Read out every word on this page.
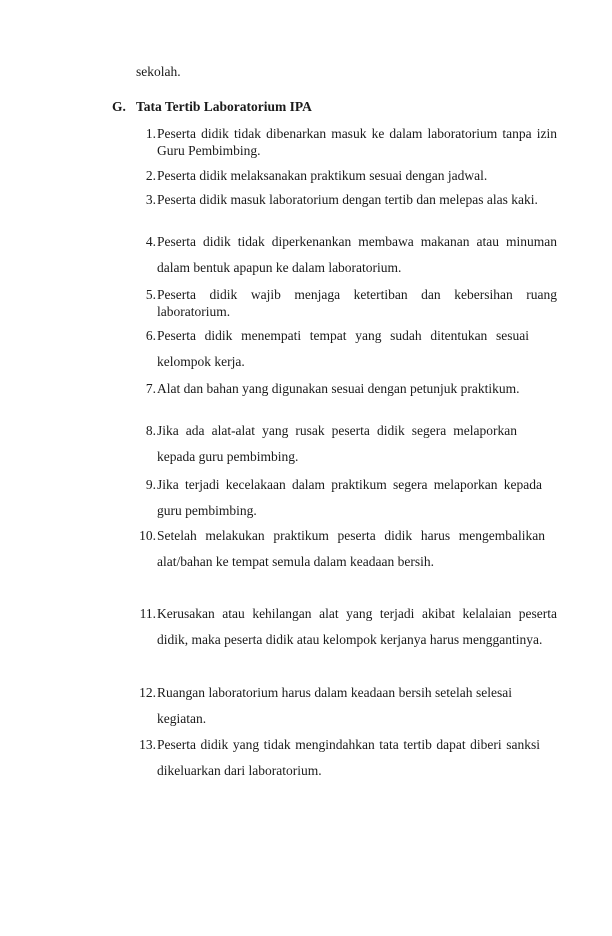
sekolah.
G. Tata Tertib Laboratorium IPA
1. Peserta didik tidak dibenarkan masuk ke dalam laboratorium tanpa izin Guru Pembimbing.
2. Peserta didik melaksanakan praktikum sesuai dengan jadwal.
3. Peserta didik masuk laboratorium dengan tertib dan melepas alas kaki.
4. Peserta didik tidak diperkenankan membawa makanan atau minuman dalam bentuk apapun ke dalam laboratorium.
5. Peserta didik wajib menjaga ketertiban dan kebersihan ruang laboratorium.
6. Peserta didik menempati tempat yang sudah ditentukan sesuai kelompok kerja.
7. Alat dan bahan yang digunakan sesuai dengan petunjuk praktikum.
8. Jika ada alat-alat yang rusak peserta didik segera melaporkan kepada guru pembimbing.
9. Jika terjadi kecelakaan dalam praktikum segera melaporkan kepada guru pembimbing.
10. Setelah melakukan praktikum peserta didik harus mengembalikan alat/bahan ke tempat semula dalam keadaan bersih.
11. Kerusakan atau kehilangan alat yang terjadi akibat kelalaian peserta didik, maka peserta didik atau kelompok kerjanya harus menggantinya.
12. Ruangan laboratorium harus dalam keadaan bersih setelah selesai kegiatan.
13. Peserta didik yang tidak mengindahkan tata tertib dapat diberi sanksi dikeluarkan dari laboratorium.
